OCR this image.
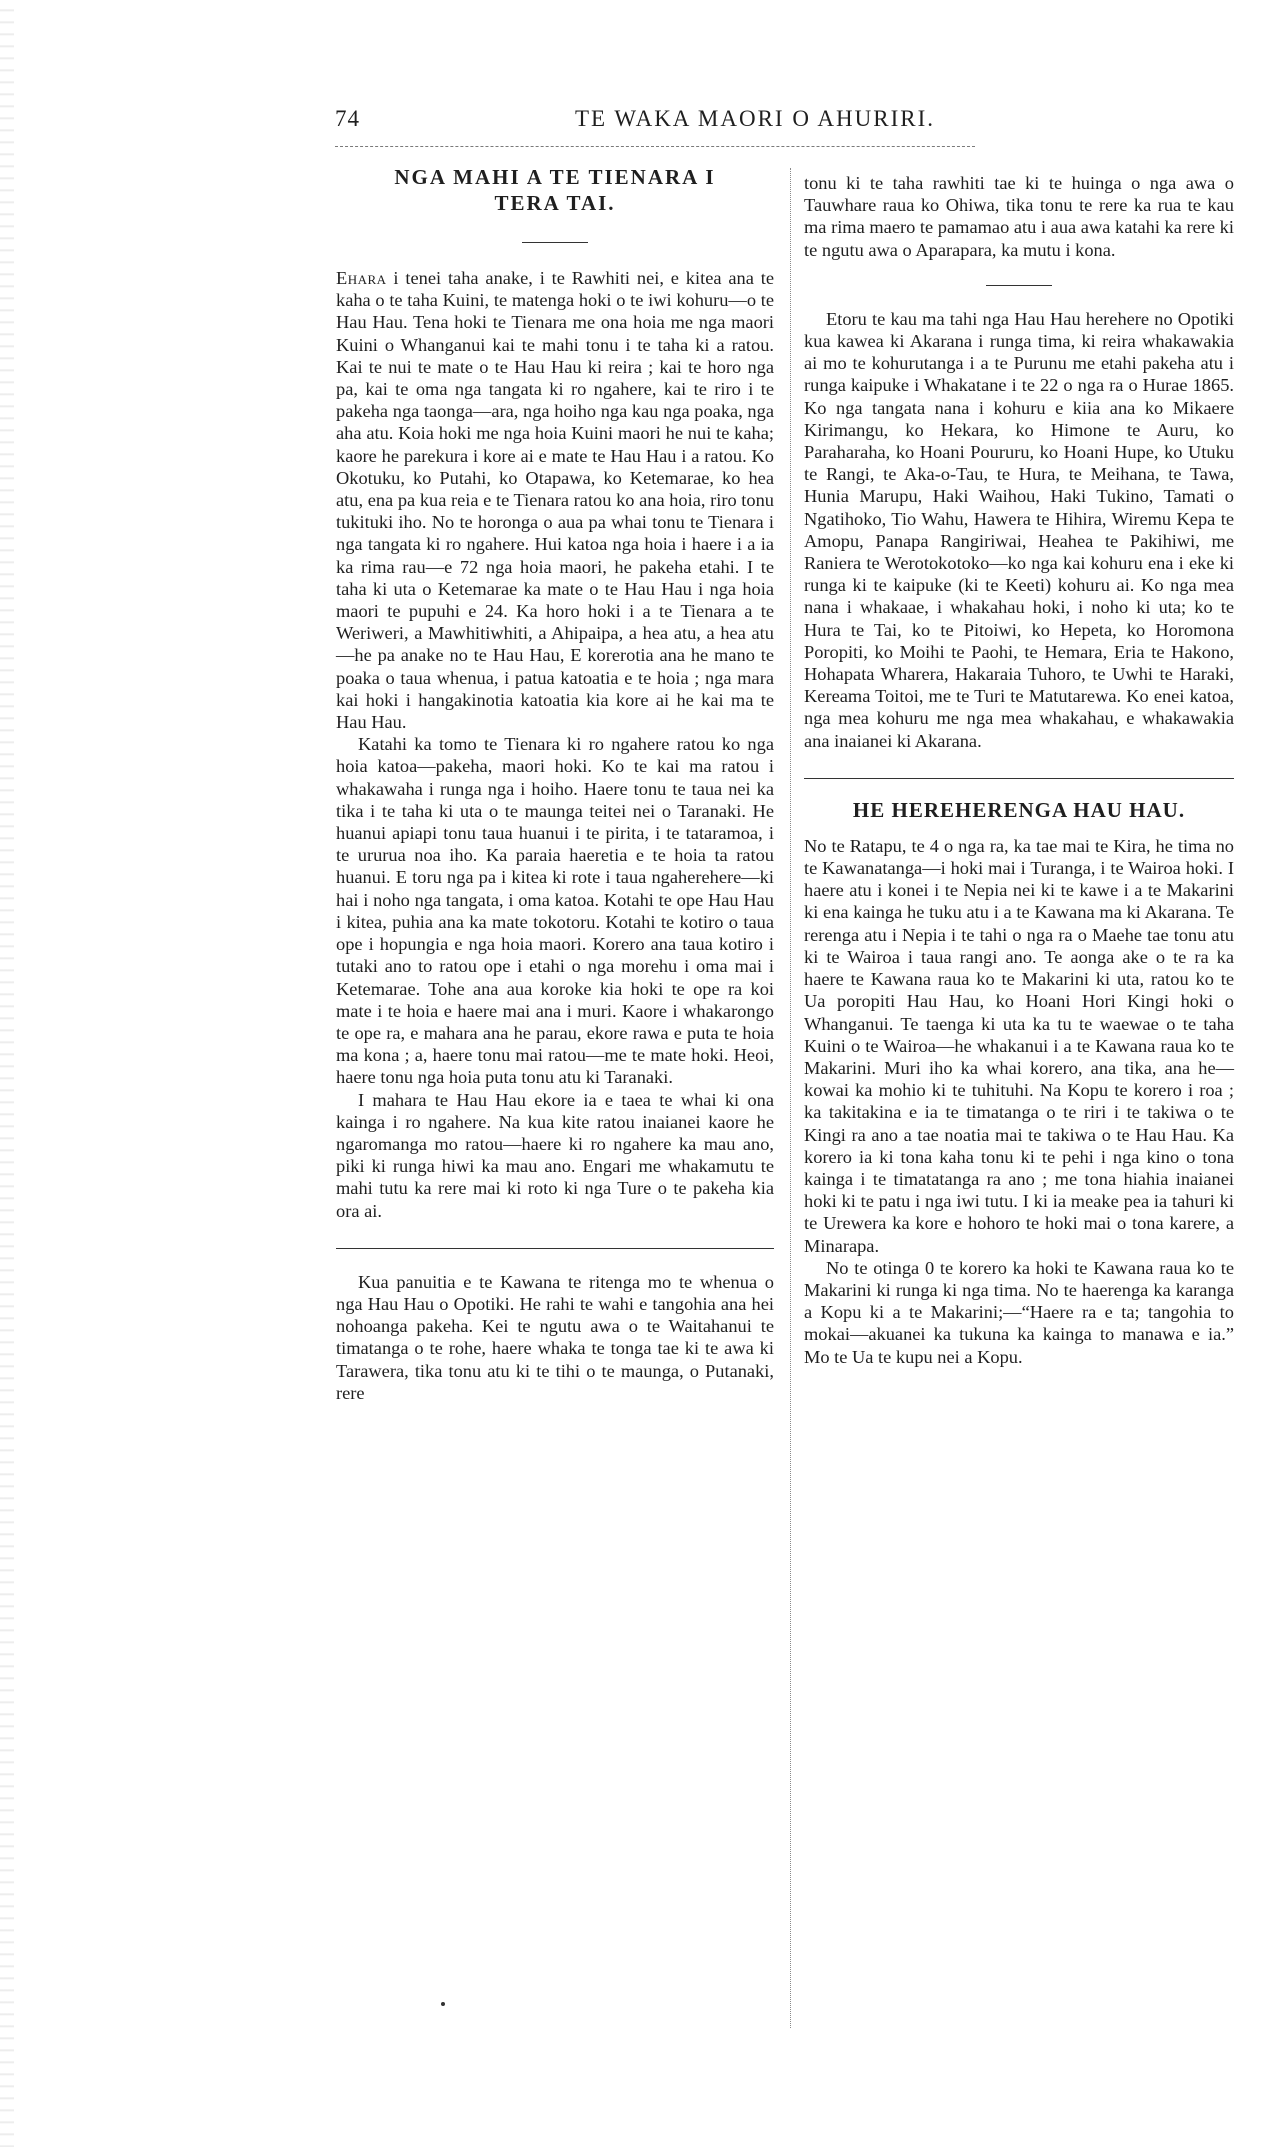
74	TE WAKA MAORI O AHURIRI.
NGA MAHI A TE TIENARA I
TERA TAI.

Ehara i tenei taha anake, i te Rawhiti nei, e kitea ana te kaha o te taha Kuini, te matenga hoki o te iwi kohuru—o te Hau Hau. Tena hoki te Tienara me ona hoia me nga maori Kuini o Whanganui kai te mahi tonu i te taha ki a ratou. Kai te nui te mate o te Hau Hau ki reira ; kai te horo nga pa, kai te oma nga tangata ki ro ngahere, kai te riro i te pakeha nga taonga—ara, nga hoiho nga kau nga poaka, nga aha atu. Koia hoki me nga hoia Kuini maori he nui te kaha; kaore he parekura i kore ai e mate te Hau Hau i a ratou. Ko Okotuku, ko Putahi, ko Otapawa, ko Ketemarae, ko hea atu, ena pa kua reia e te Tienara ratou ko ana hoia, riro tonu tukituki iho. No te horonga o aua pa whai tonu te Tienara i nga tangata ki ro ngahere. Hui katoa nga hoia i haere i a ia ka rima rau—e 72 nga hoia maori, he pakeha etahi. I te taha ki uta o Ketemarae ka mate o te Hau Hau i nga hoia maori te pupuhi e 24. Ka horo hoki i a te Tienara a te Weriweri, a Mawhitiwhiti, a Ahipaipa, a hea atu, a hea atu—he pa anake no te Hau Hau, E korerotia ana he mano te poaka o taua whenua, i patua katoatia e te hoia ; nga mara kai hoki i hangakinotia katoatia kia kore ai he kai ma te Hau Hau.

Katahi ka tomo te Tienara ki ro ngahere ratou ko nga hoia katoa—pakeha, maori hoki. Ko te kai ma ratou i whakawaha i runga nga i hoiho. Haere tonu te taua nei ka tika i te taha ki uta o te maunga teitei nei o Taranaki. He huanui apiapi tonu taua huanui i te pirita, i te tataramoa, i te ururua noa iho. Ka paraia haeretia e te hoia ta ratou huanui. E toru nga pa i kitea ki rote i taua ngaherehere—ki hai i noho nga tangata, i oma katoa. Kotahi te ope Hau Hau i kitea, puhia ana ka mate tokotoru. Kotahi te kotiro o taua ope i hopungia e nga hoia maori. Korero ana taua kotiro i tutaki ano to ratou ope i etahi o nga morehu i oma mai i Ketemarae. Tohe ana aua koroke kia hoki te ope ra koi mate i te hoia e haere mai ana i muri. Kaore i whakarongo te ope ra, e mahara ana he parau, ekore rawa e puta te hoia ma kona ; a, haere tonu mai ratou—me te mate hoki. Heoi, haere tonu nga hoia puta tonu atu ki Taranaki.

I mahara te Hau Hau ekore ia e taea te whai ki ona kainga i ro ngahere. Na kua kite ratou inaianei kaore he ngaromanga mo ratou—haere ki ro ngahere ka mau ano, piki ki runga hiwi ka mau ano. Engari me whakamutu te mahi tutu ka rere mai ki roto ki nga Ture o te pakeha kia ora ai.

Kua panuitia e te Kawana te ritenga mo te whenua o nga Hau Hau o Opotiki. He rahi te wahi e tangohia ana hei nohoanga pakeha. Kei te ngutu awa o te Waitahanui te timatanga o te rohe, haere whaka te tonga tae ki te awa ki Tarawera, tika tonu atu ki te tihi o te maunga, o Putanaki, rere

tonu ki te taha rawhiti tae ki te huinga o nga awa o Tauwhare raua ko Ohiwa, tika tonu te rere ka rua te kau ma rima maero te pamamao atu i aua awa katahi ka rere ki te ngutu awa o Aparapara, ka mutu i kona.

Etoru te kau ma tahi nga Hau Hau herehere no Opotiki kua kawea ki Akarana i runga tima, ki reira whakawakia ai mo te kohurutanga i a te Purunu me etahi pakeha atu i runga kaipuke i Whakatane i te 22 o nga ra o Hurae 1865. Ko nga tangata nana i kohuru e kiia ana ko Mikaere Kirimangu, ko Hekara, ko Himone te Auru, ko Paraharaha, ko Hoani Poururu, ko Hoani Hupe, ko Utuku te Rangi, te Aka-o-Tau, te Hura, te Meihana, te Tawa, Hunia Marupu, Haki Waihou, Haki Tukino, Tamati o Ngatihoko, Tio Wahu, Hawera te Hihira, Wiremu Kepa te Amopu, Panapa Rangiriwai, Heahea te Pakihiwi, me Raniera te Werotokotoko—ko nga kai kohuru ena i eke ki runga ki te kaipuke (ki te Keeti) kohuru ai. Ko nga mea nana i whakaae, i whakahau hoki, i noho ki uta; ko te Hura te Tai, ko te Pitoiwi, ko Hepeta, ko Horomona Poropiti, ko Moihi te Paohi, te Hemara, Eria te Hakono, Hohapata Wharera, Hakaraia Tuhoro, te Uwhi te Haraki, Kereama Toitoi, me te Turi te Matutarewa. Ko enei katoa, nga mea kohuru me nga mea whakahau, e whakawakia ana inaianei ki Akarana.

HE HEREHERENGA HAU HAU.

No te Ratapu, te 4 o nga ra, ka tae mai te Kira, he tima no te Kawanatanga—i hoki mai i Turanga, i te Wairoa hoki. I haere atu i konei i te Nepia nei ki te kawe i a te Makarini ki ena kainga he tuku atu i a te Kawana ma ki Akarana. Te rerenga atu i Nepia i te tahi o nga ra o Maehe tae tonu atu ki te Wairoa i taua rangi ano. Te aonga ake o te ra ka haere te Kawana raua ko te Makarini ki uta, ratou ko te Ua poropiti Hau Hau, ko Hoani Hori Kingi hoki o Whanganui. Te taenga ki uta ka tu te waewae o te taha Kuini o te Wairoa—he whakanui i a te Kawana raua ko te Makarini. Muri iho ka whai korero, ana tika, ana he—kowai ka mohio ki te tuhituhi. Na Kopu te korero i roa ; ka takitakina e ia te timatanga o te riri i te takiwa o te Kingi ra ano a tae noatia mai te takiwa o te Hau Hau. Ka korero ia ki tona kaha tonu ki te pehi i nga kino o tona kainga i te timatatanga ra ano ; me tona hiahia inaianei hoki ki te patu i nga iwi tutu. I ki ia meake pea ia tahuri ki te Urewera ka kore e hohoro te hoki mai o tona karere, a Minarapa.

No te otinga 0 te korero ka hoki te Kawana raua ko te Makarini ki runga ki nga tima. No te haerenga ka karanga a Kopu ki a te Makarini;—“Haere ra e ta; tangohia to mokai—akuanei ka tukuna ka kainga to manawa e ia.” Mo te Ua te kupu nei a Kopu.
